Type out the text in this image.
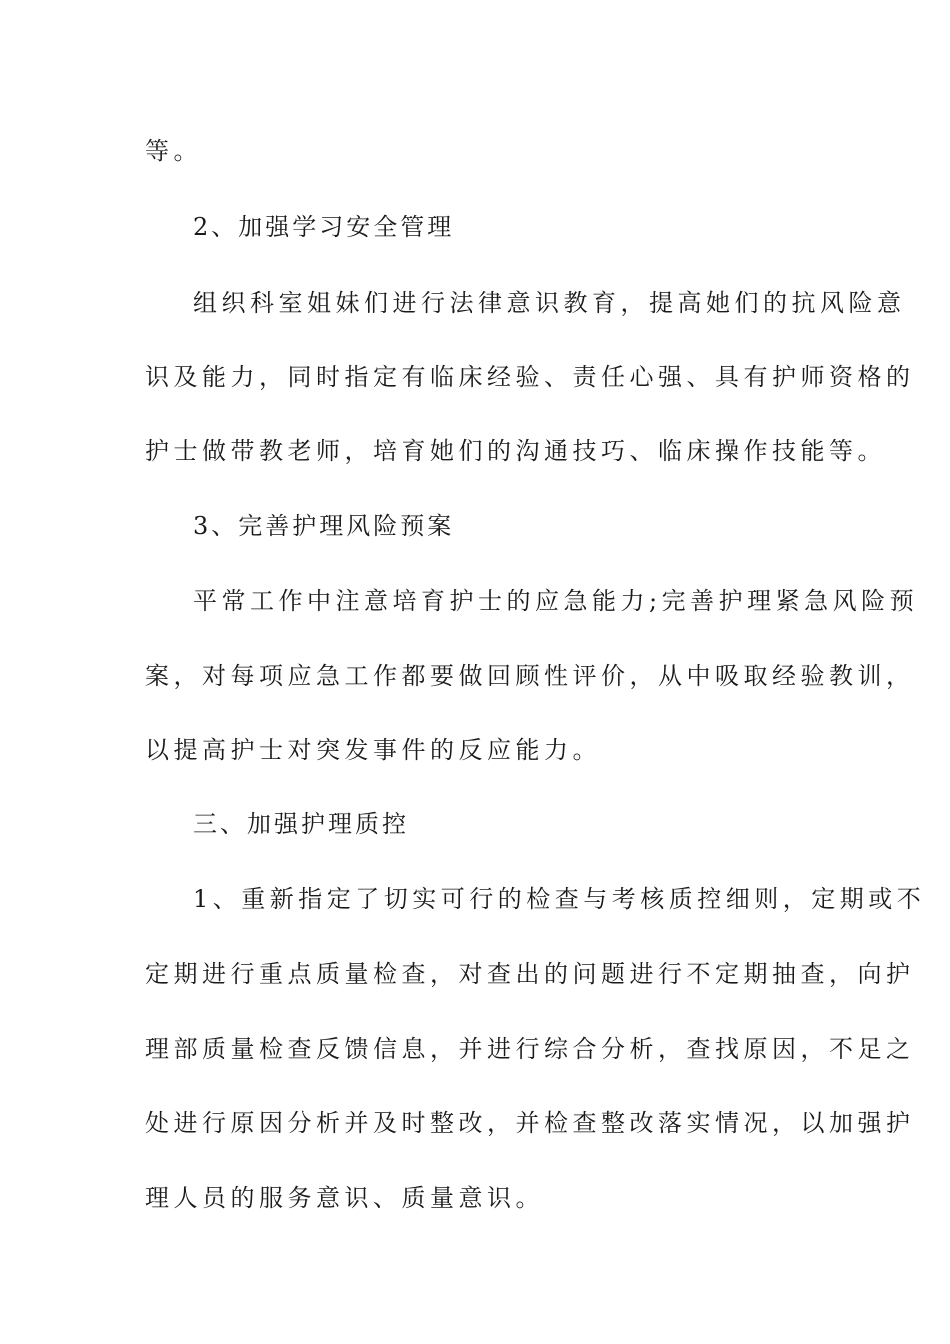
等。
2、加强学习安全管理
组织科室姐妹们进行法律意识教育，提高她们的抗风险意
识及能力，同时指定有临床经验、责任心强、具有护师资格的
护士做带教老师，培育她们的沟通技巧、临床操作技能等。
3、完善护理风险预案
平常工作中注意培育护士的应急能力;完善护理紧急风险预
案，对每项应急工作都要做回顾性评价，从中吸取经验教训，
以提高护士对突发事件的反应能力。
三、加强护理质控
1、重新指定了切实可行的检查与考核质控细则，定期或不
定期进行重点质量检查，对查出的问题进行不定期抽查，向护
理部质量检查反馈信息，并进行综合分析，查找原因，不足之
处进行原因分析并及时整改，并检查整改落实情况，以加强护
理人员的服务意识、质量意识。
